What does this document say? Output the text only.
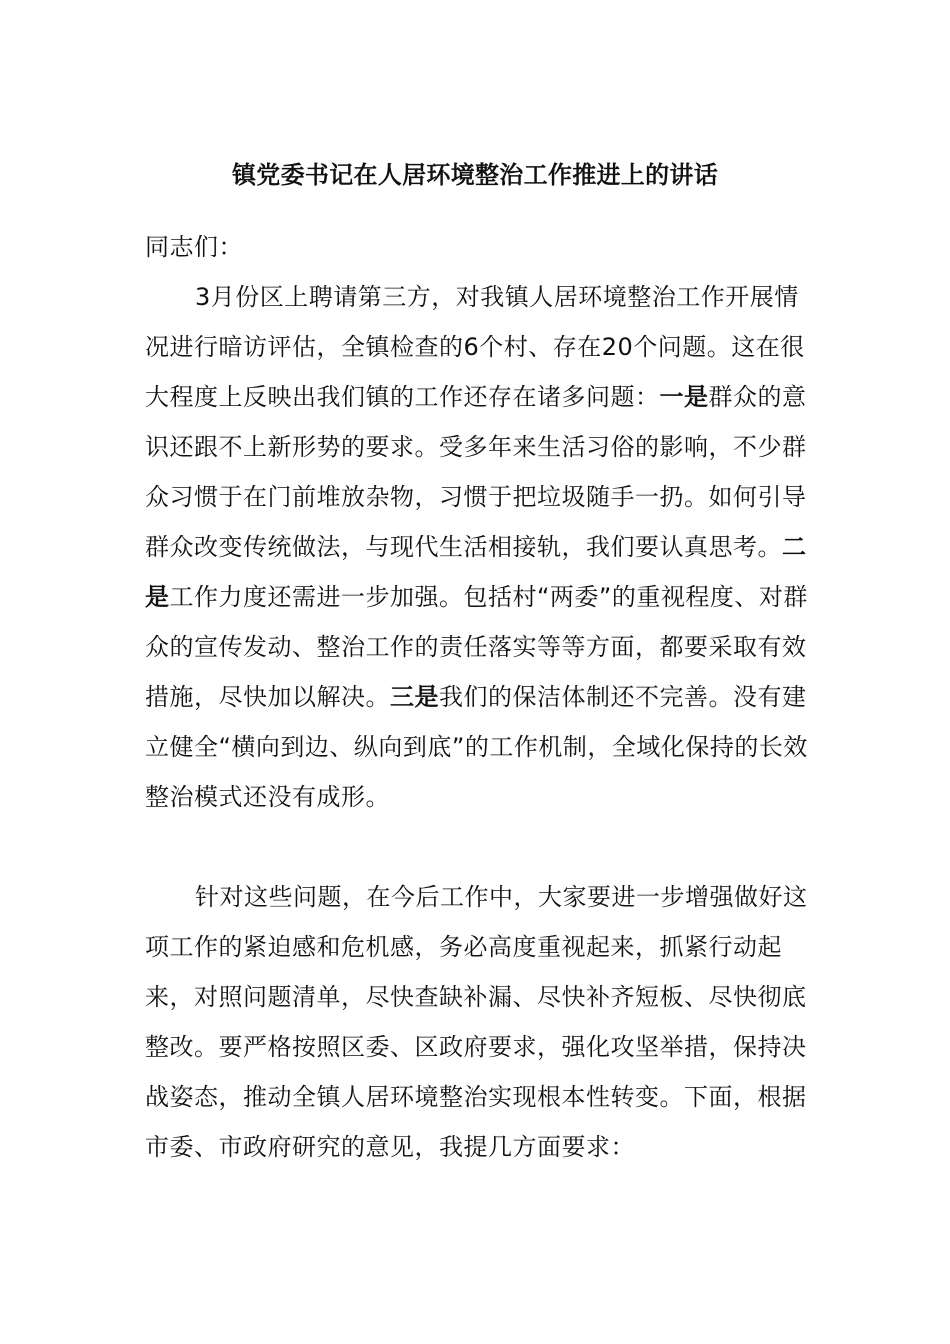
镇党委书记在人居环境整治工作推进上的讲话
同志们：
3月份区上聘请第三方，对我镇人居环境整治工作开展情况进行暗访评估，全镇检查的6个村、存在20个问题。这在很大程度上反映出我们镇的工作还存在诸多问题：一是群众的意识还跟不上新形势的要求。受多年来生活习俗的影响，不少群众习惯于在门前堆放杂物，习惯于把垃圾随手一扔。如何引导群众改变传统做法，与现代生活相接轨，我们要认真思考。二是工作力度还需进一步加强。包括村“两委”的重视程度、对群众的宣传发动、整治工作的责任落实等等方面，都要采取有效措施，尽快加以解决。三是我们的保洁体制还不完善。没有建立健全“横向到边、纵向到底”的工作机制，全域化保持的长效整治模式还没有成形。
针对这些问题，在今后工作中，大家要进一步增强做好这项工作的紧迫感和危机感，务必高度重视起来，抓紧行动起来，对照问题清单，尽快查缺补漏、尽快补齐短板、尽快彻底整改。要严格按照区委、区政府要求，强化攻坚举措，保持决战姿态，推动全镇人居环境整治实现根本性转变。下面，根据市委、市政府研究的意见，我提几方面要求：
